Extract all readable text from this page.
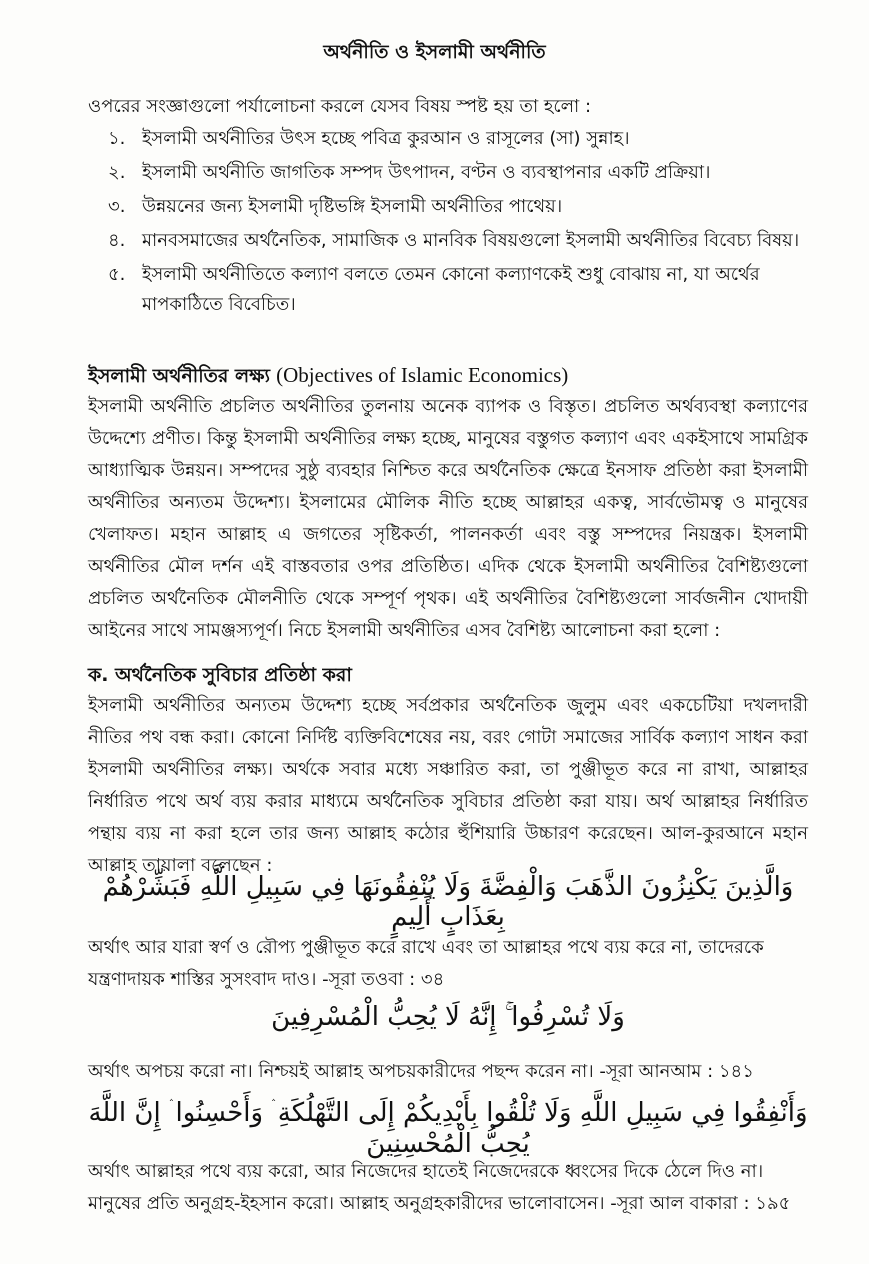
অর্থনীতি ও ইসলামী অর্থনীতি
ওপরের সংজ্ঞাগুলো পর্যালোচনা করলে যেসব বিষয় স্পষ্ট হয় তা হলো :
১. ইসলামী অর্থনীতির উৎস হচ্ছে পবিত্র কুরআন ও রাসূলের (সা) সুন্নাহ।
২. ইসলামী অর্থনীতি জাগতিক সম্পদ উৎপাদন, বণ্টন ও ব্যবস্থাপনার একটি প্রক্রিয়া।
৩. উন্নয়নের জন্য ইসলামী দৃষ্টিভঙ্গি ইসলামী অর্থনীতির পাথেয়।
৪. মানবসমাজের অর্থনৈতিক, সামাজিক ও মানবিক বিষয়গুলো ইসলামী অর্থনীতির বিবেচ্য বিষয়।
৫. ইসলামী অর্থনীতিতে কল্যাণ বলতে তেমন কোনো কল্যাণকেই শুধু বোঝায় না, যা অর্থের মাপকাঠিতে বিবেচিত।
ইসলামী অর্থনীতির লক্ষ্য (Objectives of Islamic Economics)
ইসলামী অর্থনীতি প্রচলিত অর্থনীতির তুলনায় অনেক ব্যাপক ও বিস্তৃত। প্রচলিত অর্থব্যবস্থা কল্যাণের উদ্দেশ্যে প্রণীত। কিন্তু ইসলামী অর্থনীতির লক্ষ্য হচ্ছে, মানুষের বস্তুগত কল্যাণ এবং একইসাথে সামগ্রিক আধ্যাত্মিক উন্নয়ন। সম্পদের সুষ্ঠু ব্যবহার নিশ্চিত করে অর্থনৈতিক ক্ষেত্রে ইনসাফ প্রতিষ্ঠা করা ইসলামী অর্থনীতির অন্যতম উদ্দেশ্য। ইসলামের মৌলিক নীতি হচ্ছে আল্লাহর একত্ব, সার্বভৌমত্ব ও মানুষের খেলাফত। মহান আল্লাহ এ জগতের সৃষ্টিকর্তা, পালনকর্তা এবং বস্তু সম্পদের নিয়ন্ত্রক। ইসলামী অর্থনীতির মৌল দর্শন এই বাস্তবতার ওপর প্রতিষ্ঠিত। এদিক থেকে ইসলামী অর্থনীতির বৈশিষ্ট্যগুলো প্রচলিত অর্থনৈতিক মৌলনীতি থেকে সম্পূর্ণ পৃথক। এই অর্থনীতির বৈশিষ্ট্যগুলো সার্বজনীন খোদায়ী আইনের সাথে সামঞ্জস্যপূর্ণ। নিচে ইসলামী অর্থনীতির এসব বৈশিষ্ট্য আলোচনা করা হলো :
ক. অর্থনৈতিক সুবিচার প্রতিষ্ঠা করা
ইসলামী অর্থনীতির অন্যতম উদ্দেশ্য হচ্ছে সর্বপ্রকার অর্থনৈতিক জুলুম এবং একচেটিয়া দখলদারী নীতির পথ বন্ধ করা। কোনো নির্দিষ্ট ব্যক্তিবিশেষের নয়, বরং গোটা সমাজের সার্বিক কল্যাণ সাধন করা ইসলামী অর্থনীতির লক্ষ্য। অর্থকে সবার মধ্যে সঞ্চারিত করা, তা পুঞ্জীভূত করে না রাখা, আল্লাহর নির্ধারিত পথে অর্থ ব্যয় করার মাধ্যমে অর্থনৈতিক সুবিচার প্রতিষ্ঠা করা যায়। অর্থ আল্লাহর নির্ধারিত পন্থায় ব্যয় না করা হলে তার জন্য আল্লাহ কঠোর হুঁশিয়ারি উচ্চারণ করেছেন। আল-কুরআনে মহান আল্লাহ তায়ালা বলেছেন :
وَالَّذِينَ يَكْنِزُونَ الذَّهَبَ وَالْفِضَّةَ وَلَا يُنْفِقُونَهَا فِي سَبِيلِ اللَّهِ فَبَشِّرْهُمْ بِعَذَابٍ أَلِيمٍ
অর্থাৎ আর যারা স্বর্ণ ও রৌপ্য পুঞ্জীভূত করে রাখে এবং তা আল্লাহর পথে ব্যয় করে না, তাদেরকে যন্ত্রণাদায়ক শাস্তির সুসংবাদ দাও। -সূরা তওবা : ৩৪
وَلَا تُسْرِفُوا ۚ إِنَّهُ لَا يُحِبُّ الْمُسْرِفِينَ
অর্থাৎ অপচয় করো না। নিশ্চয়ই আল্লাহ অপচয়কারীদের পছন্দ করেন না। -সূরা আনআম : ১৪১
وَأَنْفِقُوا فِي سَبِيلِ اللَّهِ وَلَا تُلْقُوا بِأَيْدِيكُمْ إِلَى التَّهْلُكَةِ ۛ وَأَحْسِنُوا ۛ إِنَّ اللَّهَ يُحِبُّ الْمُحْسِنِينَ
অর্থাৎ আল্লাহর পথে ব্যয় করো, আর নিজেদের হাতেই নিজেদেরকে ধ্বংসের দিকে ঠেলে দিও না। মানুষের প্রতি অনুগ্রহ-ইহসান করো। আল্লাহ অনুগ্রহকারীদের ভালোবাসেন। -সূরা আল বাকারা : ১৯৫
